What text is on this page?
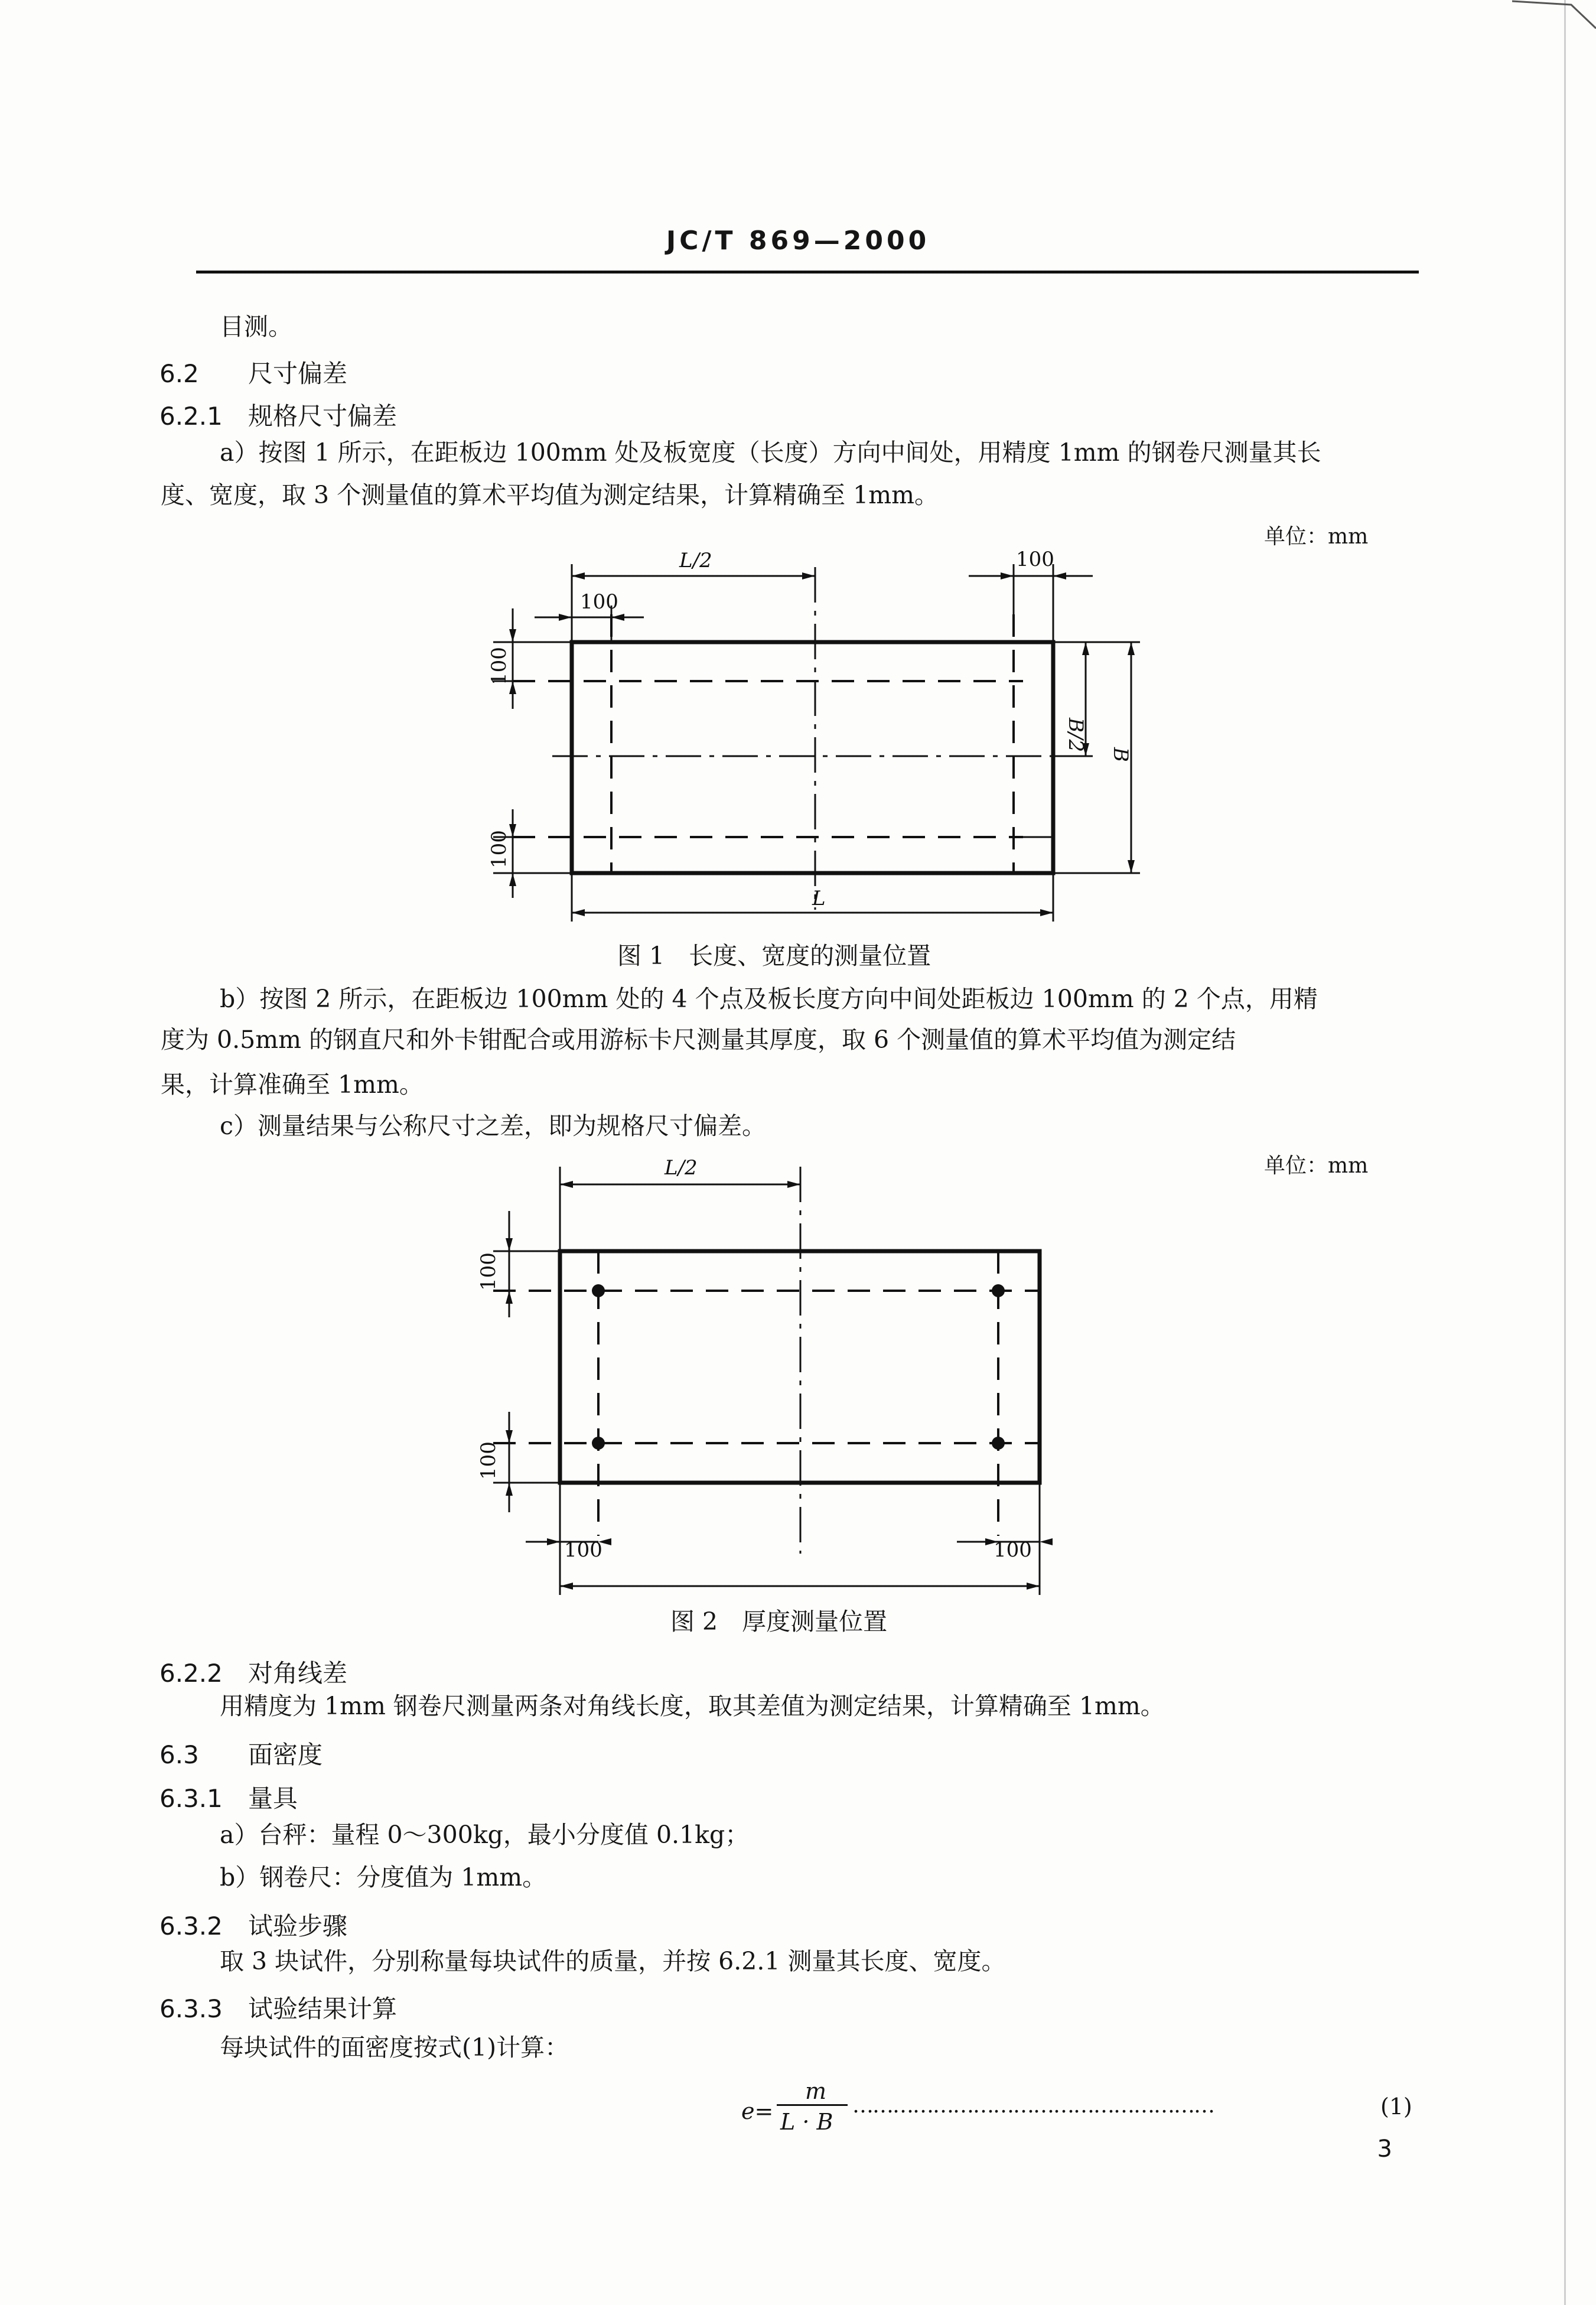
JC/T 869—2000
目测。
6.2 尺寸偏差
6.2.1 规格尺寸偏差
a）按图 1 所示，在距板边 100mm 处及板宽度（长度）方向中间处，用精度 1mm 的钢卷尺测量其长
度、宽度，取 3 个测量值的算术平均值为测定结果，计算精确至 1mm。
单位：mm
L/2	100
100
100
100
B/2
B
L
图 1　长度、宽度的测量位置
b）按图 2 所示，在距板边 100mm 处的 4 个点及板长度方向中间处距板边 100mm 的 2 个点，用精
度为 0.5mm 的钢直尺和外卡钳配合或用游标卡尺测量其厚度，取 6 个测量值的算术平均值为测定结
果，计算准确至 1mm。
c）测量结果与公称尺寸之差，即为规格尺寸偏差。
单位：mm
L/2
100
100
100	100
图 2　厚度测量位置
6.2.2 对角线差
用精度为 1mm 钢卷尺测量两条对角线长度，取其差值为测定结果，计算精确至 1mm。
6.3 面密度
6.3.1 量具
a）台秤：量程 0～300kg，最小分度值 0.1kg；
b）钢卷尺：分度值为 1mm。
6.3.2 试验步骤
取 3 块试件，分别称量每块试件的质量，并按 6.2.1 测量其长度、宽度。
6.3.3 试验结果计算
每块试件的面密度按式(1)计算：
e=
m
L · B
………………………………………………	(1)
3
